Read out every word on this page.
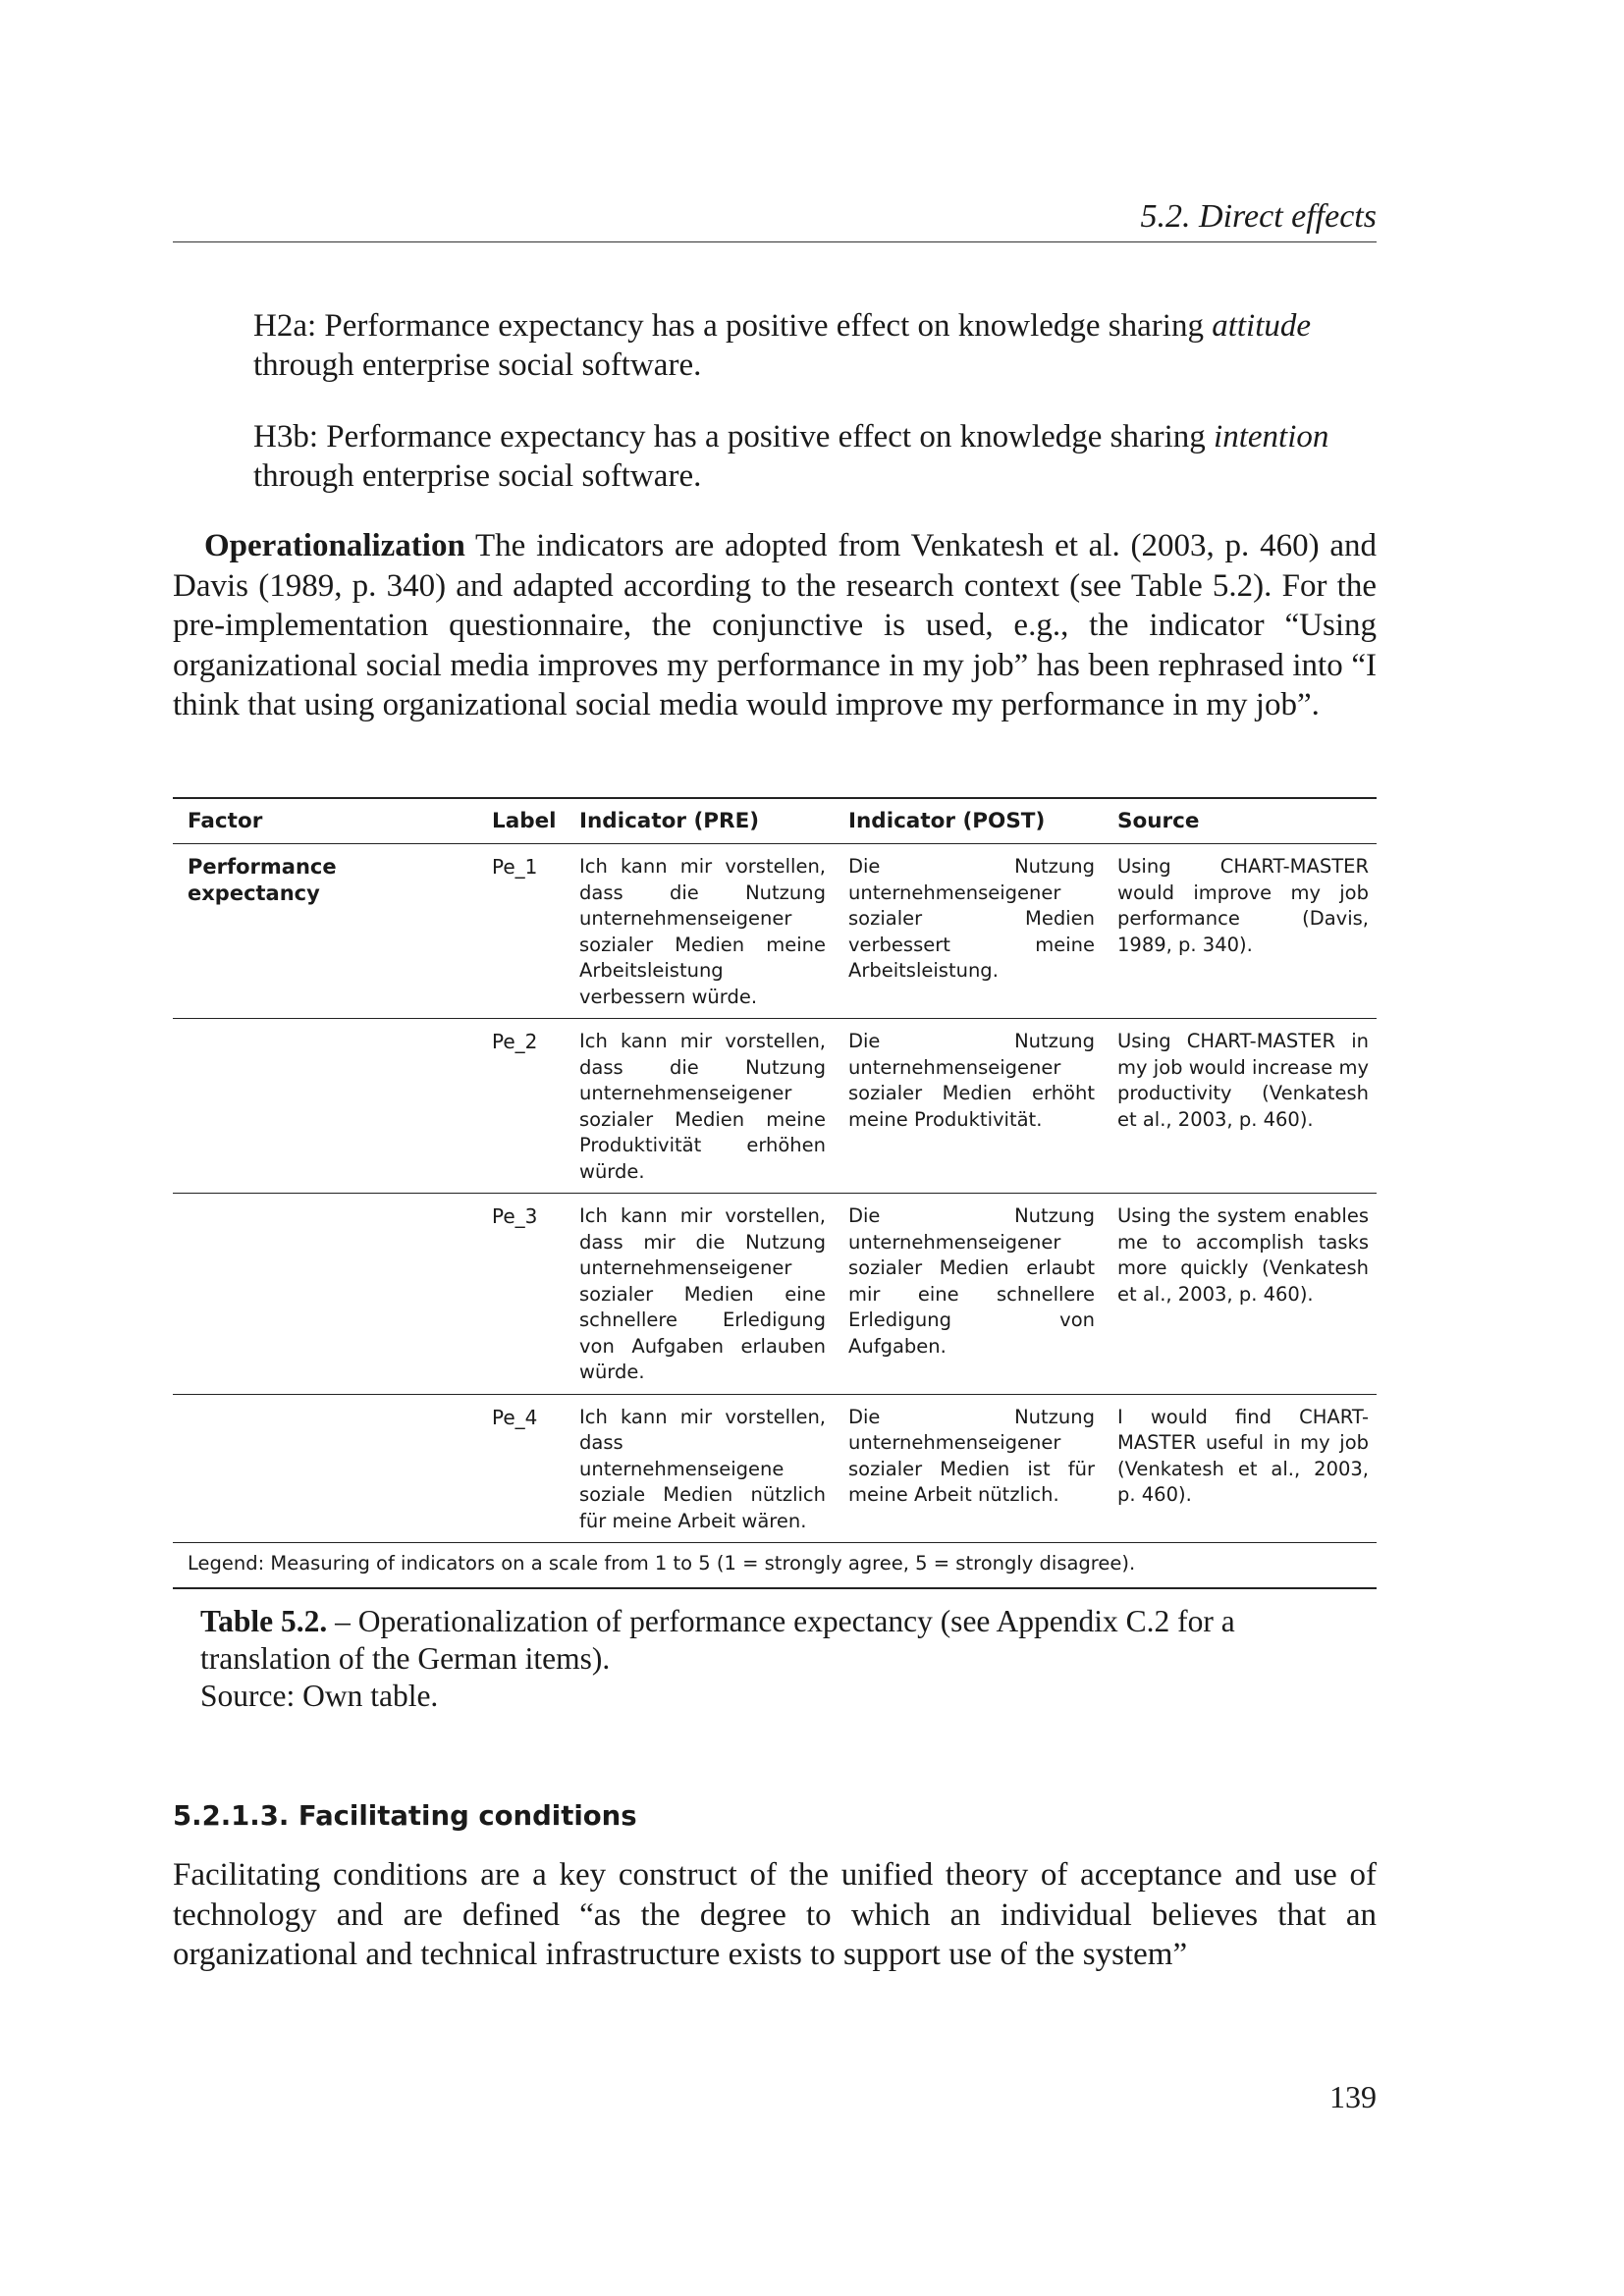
5.2. Direct effects
H2a: Performance expectancy has a positive effect on knowledge sharing attitude through enterprise social software.
H3b: Performance expectancy has a positive effect on knowledge sharing intention through enterprise social software.
Operationalization The indicators are adopted from Venkatesh et al. (2003, p. 460) and Davis (1989, p. 340) and adapted according to the research context (see Table 5.2). For the pre-implementation questionnaire, the conjunctive is used, e.g., the indicator “Using organizational social media improves my performance in my job” has been rephrased into “I think that using organizational social media would improve my performance in my job”.
Factor	Label	Indicator (PRE)	Indicator (POST)	Source
Performance expectancy	Pe_1	Ich kann mir vorstellen, dass die Nutzung unternehmenseigener sozialer Medien meine Arbeitsleistung verbessern würde.	Die Nutzung unternehmenseigener sozialer Medien verbessert meine Arbeitsleistung.	Using CHART-MASTER would improve my job performance (Davis, 1989, p. 340).
	Pe_2	Ich kann mir vorstellen, dass die Nutzung unternehmenseigener sozialer Medien meine Produktivität erhöhen würde.	Die Nutzung unternehmenseigener sozialer Medien erhöht meine Produktivität.	Using CHART-MASTER in my job would increase my productivity (Venkatesh et al., 2003, p. 460).
	Pe_3	Ich kann mir vorstellen, dass mir die Nutzung unternehmenseigener sozialer Medien eine schnellere Erledigung von Aufgaben erlauben würde.	Die Nutzung unternehmenseigener sozialer Medien erlaubt mir eine schnellere Erledigung von Aufgaben.	Using the system enables me to accomplish tasks more quickly (Venkatesh et al., 2003, p. 460).
	Pe_4	Ich kann mir vorstellen, dass unternehmenseigene soziale Medien nützlich für meine Arbeit wären.	Die Nutzung unternehmenseigener sozialer Medien ist für meine Arbeit nützlich.	I would find CHART-MASTER useful in my job (Venkatesh et al., 2003, p. 460).
Legend: Measuring of indicators on a scale from 1 to 5 (1 = strongly agree, 5 = strongly disagree).				
Table 5.2. – Operationalization of performance expectancy (see Appendix C.2 for a translation of the German items).
Source: Own table.
5.2.1.3. Facilitating conditions
Facilitating conditions are a key construct of the unified theory of acceptance and use of technology and are defined “as the degree to which an individual believes that an organizational and technical infrastructure exists to support use of the system”
139
